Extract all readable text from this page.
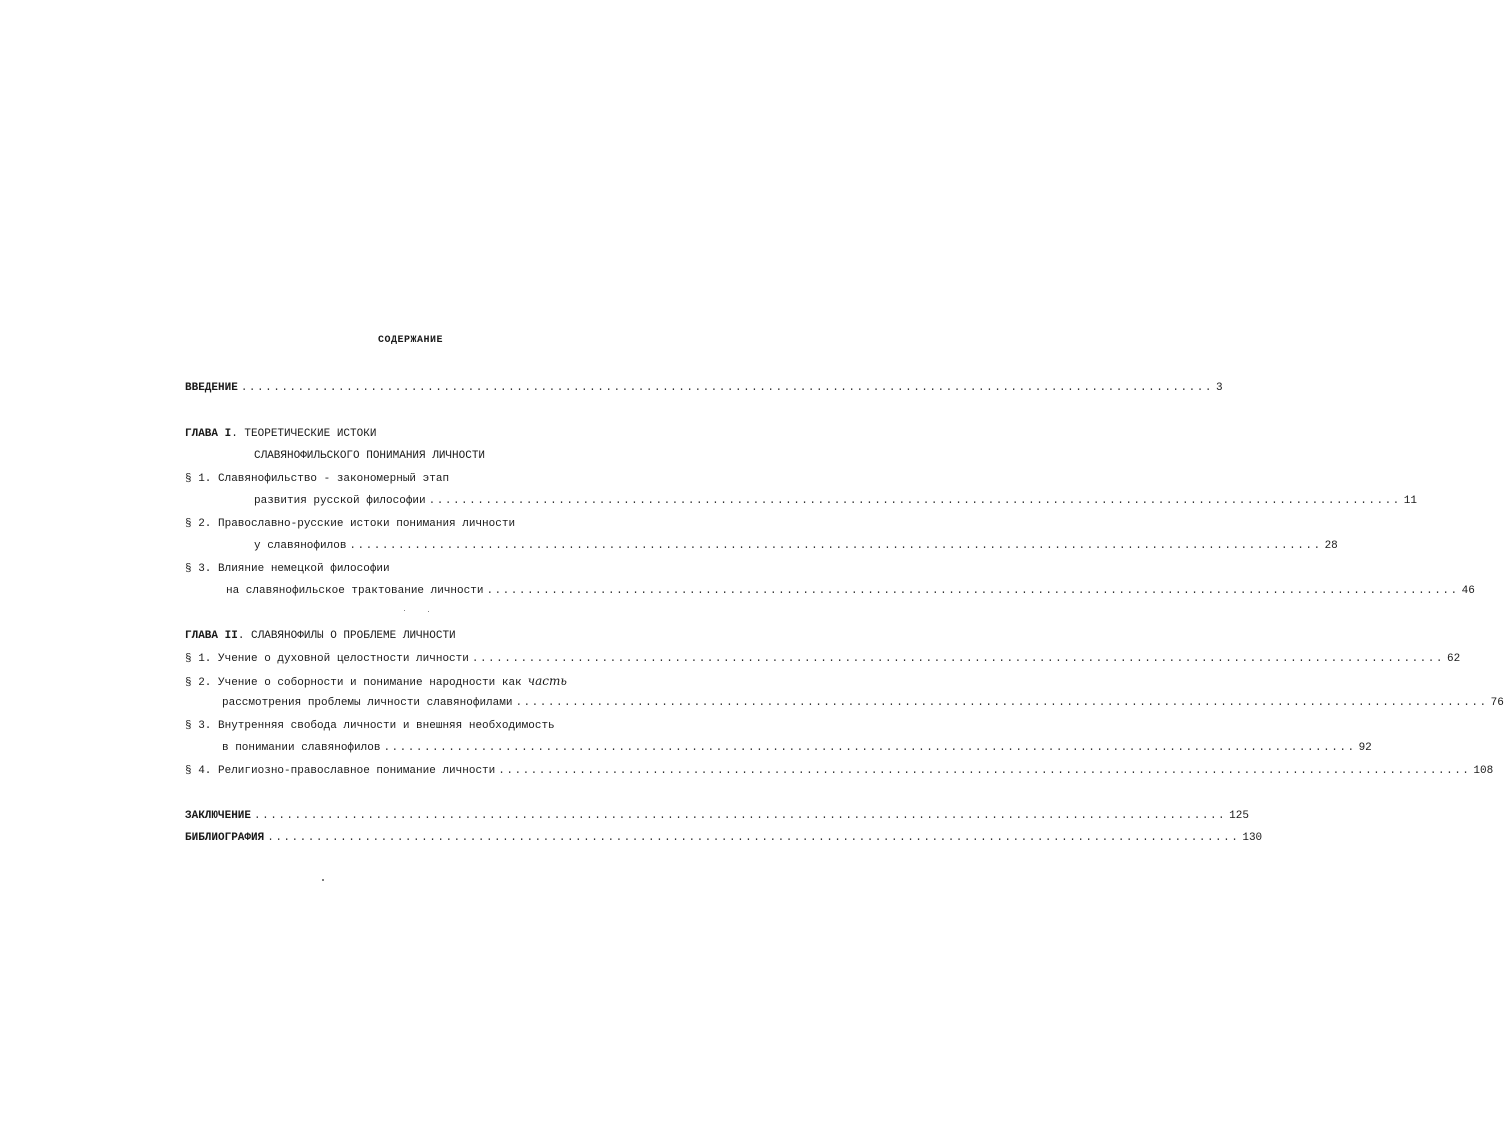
СОДЕРЖАНИЕ
ВВЕДЕНИЕ ........................................................................................................................ 3
ГЛАВА I . ТЕОРЕТИЧЕСКИЕ ИСТОКИ
СЛАВЯНОФИЛЬСКОГО ПОНИМАНИЯ ЛИЧНОСТИ
§ 1. Славянофильство - закономерный этап
развития русской философии ........................................................................................................................ 11
§ 2. Православно-русские истоки понимания личности
у славянофилов ........................................................................................................................ 28
§ 3. Влияние немецкой философии
на славянофильское трактование личности ........................................................................................................................ 46
ГЛАВА II . СЛАВЯНОФИЛЫ О ПРОБЛЕМЕ ЛИЧНОСТИ
§ 1. Учение о духовной целостности личности ........................................................................................................................ 62
§ 2. Учение о соборности и понимание народности как часть
рассмотрения проблемы личности славянофилами ........................................................................................................................ 76
§ 3. Внутренняя свобода личности и внешняя необходимость
в понимании славянофилов ........................................................................................................................ 92
§ 4. Религиозно-православное понимание личности ........................................................................................................................ 108
ЗАКЛЮЧЕНИЕ ........................................................................................................................ 125
БИБЛИОГРАФИЯ ........................................................................................................................ 130
